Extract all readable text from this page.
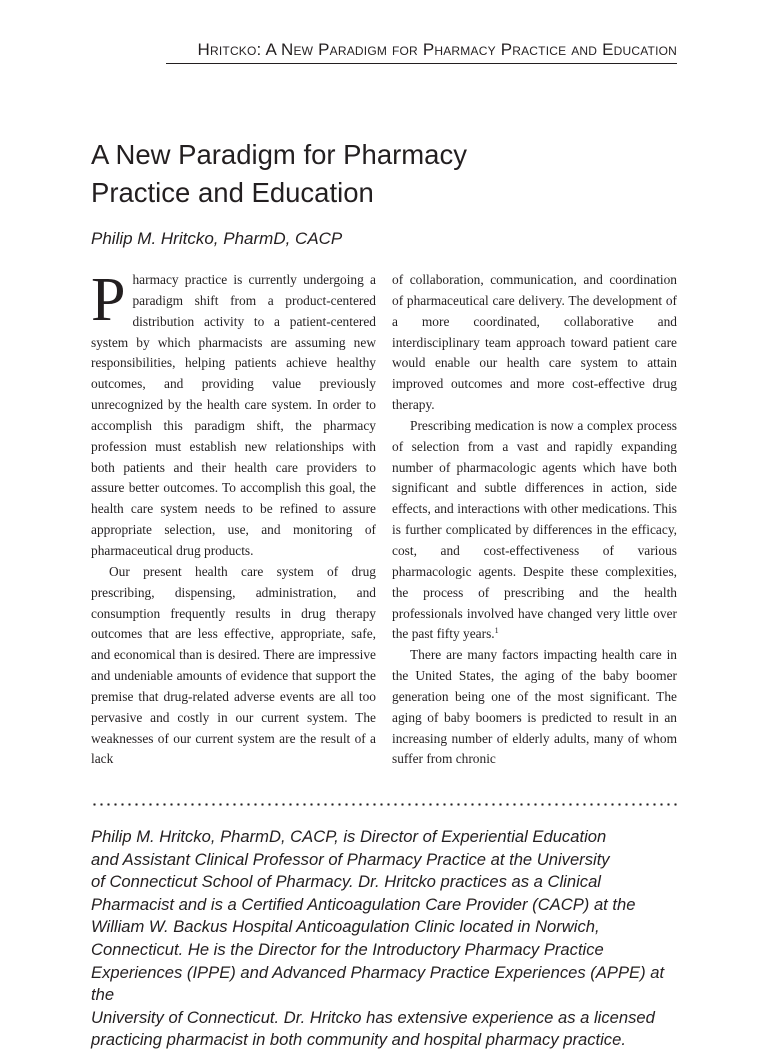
Hritcko: A New Paradigm for Pharmacy Practice and Education
A New Paradigm for Pharmacy
Practice and Education
Philip M. Hritcko, PharmD, CACP

Pharmacy practice is currently undergoing a paradigm shift from a product-centered distribution activity to a patient-centered system by which pharmacists are assuming new responsibilities, helping patients achieve healthy outcomes, and providing value previously unrecognized by the health care system. In order to accomplish this paradigm shift, the pharmacy profession must establish new relationships with both patients and their health care providers to assure better outcomes. To accomplish this goal, the health care system needs to be refined to assure appropriate selection, use, and monitoring of pharmaceutical drug products.

Our present health care system of drug prescribing, dispensing, administration, and consumption frequently results in drug therapy outcomes that are less effective, appropriate, safe, and economical than is desired. There are impressive and undeniable amounts of evidence that support the premise that drug-related adverse events are all too pervasive and costly in our current system. The weaknesses of our current system are the result of a lack

of collaboration, communication, and coordination of pharmaceutical care delivery. The development of a more coordinated, collaborative and interdisciplinary team approach toward patient care would enable our health care system to attain improved outcomes and more cost-effective drug therapy.

Prescribing medication is now a complex process of selection from a vast and rapidly expanding number of pharmacologic agents which have both significant and subtle differences in action, side effects, and interactions with other medications. This is further complicated by differences in the efficacy, cost, and cost-effectiveness of various pharmacologic agents. Despite these complexities, the process of prescribing and the health professionals involved have changed very little over the past fifty years.$^1$

There are many factors impacting health care in the United States, the aging of the baby boomer generation being one of the most significant. The aging of baby boomers is predicted to result in an increasing number of elderly adults, many of whom suffer from chronic

Philip M. Hritcko, PharmD, CACP, is Director of Experiential Education
and Assistant Clinical Professor of Pharmacy Practice at the University
of Connecticut School of Pharmacy. Dr. Hritcko practices as a Clinical
Pharmacist and is a Certified Anticoagulation Care Provider (CACP) at the
William W. Backus Hospital Anticoagulation Clinic located in Norwich,
Connecticut. He is the Director for the Introductory Pharmacy Practice
Experiences (IPPE) and Advanced Pharmacy Practice Experiences (APPE) at the
University of Connecticut. Dr. Hritcko has extensive experience as a licensed
practicing pharmacist in both community and hospital pharmacy practice.
